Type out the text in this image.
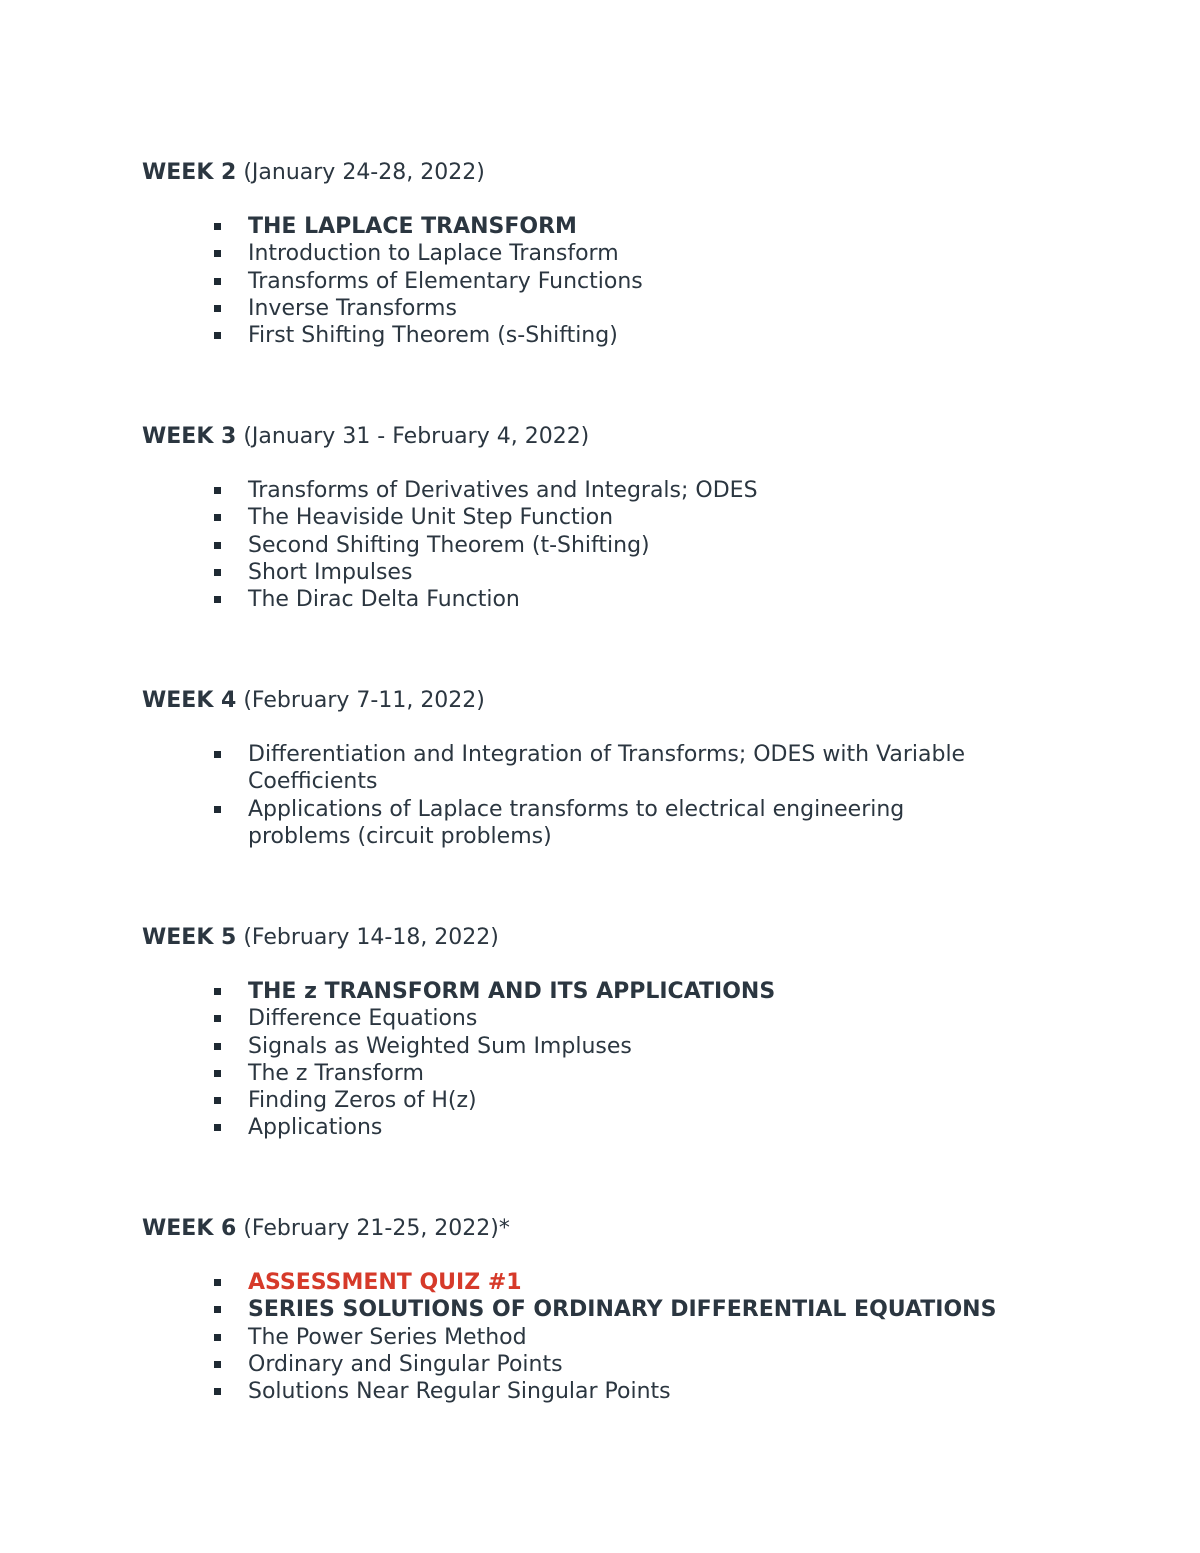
WEEK 2 (January 24-28, 2022)

THE LAPLACE TRANSFORM
Introduction to Laplace Transform
Transforms of Elementary Functions
Inverse Transforms
First Shifting Theorem (s-Shifting)

WEEK 3 (January 31 - February 4, 2022)

Transforms of Derivatives and Integrals; ODES
The Heaviside Unit Step Function
Second Shifting Theorem (t-Shifting)
Short Impulses
The Dirac Delta Function

WEEK 4 (February 7-11, 2022)

Differentiation and Integration of Transforms; ODES with Variable Coefficients
Applications of Laplace transforms to electrical engineering problems (circuit problems)

WEEK 5 (February 14-18, 2022)

THE z TRANSFORM AND ITS APPLICATIONS
Difference Equations
Signals as Weighted Sum Impluses
The z Transform
Finding Zeros of H(z)
Applications

WEEK 6 (February 21-25, 2022)*

ASSESSMENT QUIZ #1
SERIES SOLUTIONS OF ORDINARY DIFFERENTIAL EQUATIONS
The Power Series Method
Ordinary and Singular Points
Solutions Near Regular Singular Points
